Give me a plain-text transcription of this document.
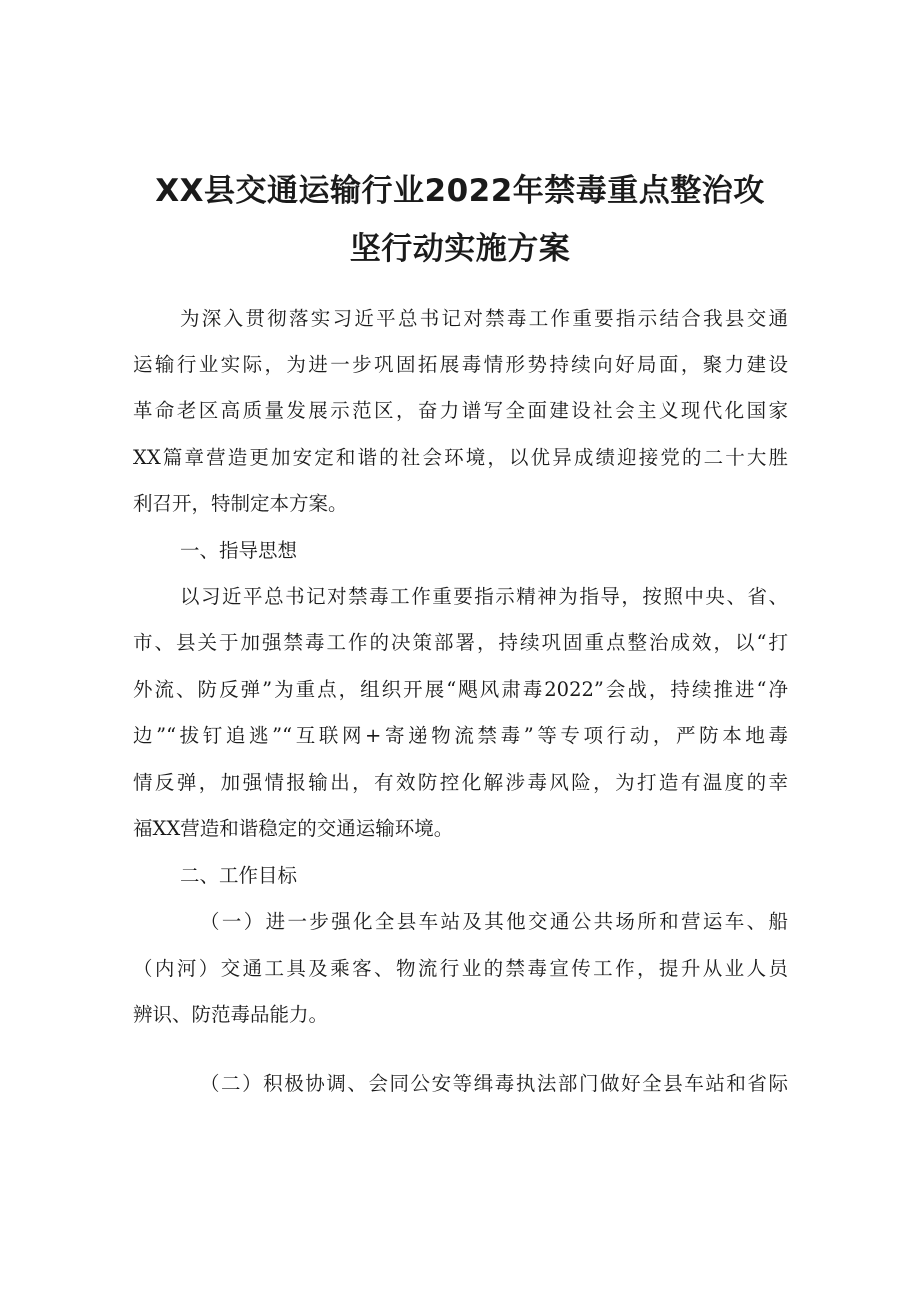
XX县交通运输行业2022年禁毒重点整治攻
坚行动实施方案

为深入贯彻落实习近平总书记对禁毒工作重要指示结合我县交通

运输行业实际，为进一步巩固拓展毒情形势持续向好局面，聚力建设

革命老区高质量发展示范区，奋力谱写全面建设社会主义现代化国家

XX篇章营造更加安定和谐的社会环境，以优异成绩迎接党的二十大胜

利召开，特制定本方案。

一、指导思想

以习近平总书记对禁毒工作重要指示精神为指导，按照中央、省、

市、县关于加强禁毒工作的决策部署，持续巩固重点整治成效，以“打

外流、防反弹”为重点，组织开展“飓风肃毒2022”会战，持续推进“净

边”“拔钉追逃”“互联网+寄递物流禁毒”等专项行动，严防本地毒

情反弹，加强情报输出，有效防控化解涉毒风险，为打造有温度的幸

福XX营造和谐稳定的交通运输环境。

二、工作目标

（一）进一步强化全县车站及其他交通公共场所和营运车、船

（内河）交通工具及乘客、物流行业的禁毒宣传工作，提升从业人员

辨识、防范毒品能力。

（二）积极协调、会同公安等缉毒执法部门做好全县车站和省际
